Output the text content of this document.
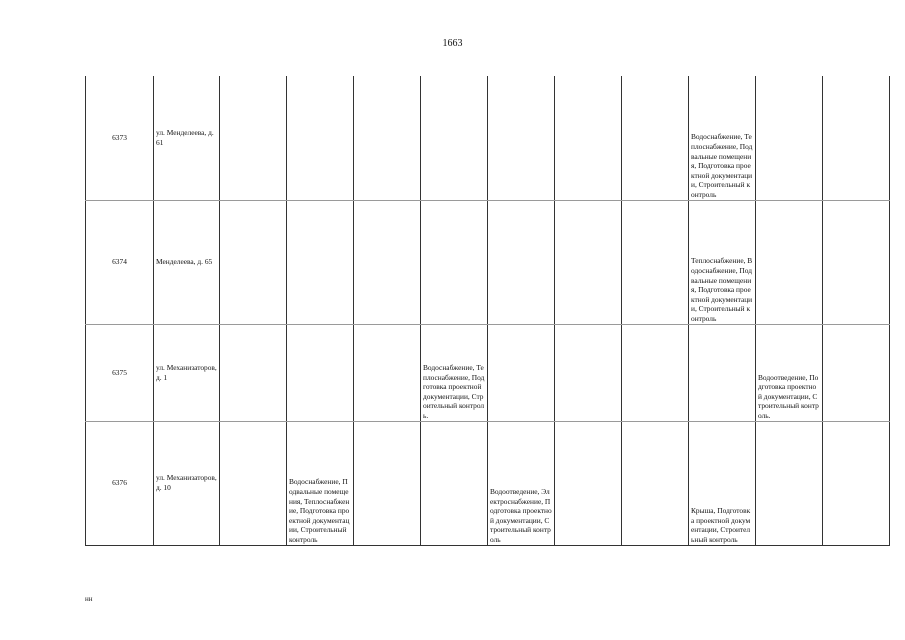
1663
6373	ул. Менделеева, д. 61								Водоснабжение, Теплоснабжение, Подвальные помещения, Подготовка проектной документации, Строительный контроль		
6374	Менделеева, д. 65								Теплоснабжение, Водоснабжение, Подвальные помещения, Подготовка проектной документации, Строительный контроль		
6375	ул. Механизаторов, д. 1				Водоснабжение, Теплоснабжение, Подготовка проектной документации, Строительный контроль.					Водоотведение, Подготовка проектной документации, Строительный контроль.	
6376	ул. Механизаторов, д. 10		Водоснабжение, Подвальные помещения, Теплоснабжение, Подготовка проектной документации, Строительный контроль			Водоотведение, Электроснабжение, Подготовка проектной документации, Строительный контроль			Крыша, Подготовка проектной документации, Строительный контроль		
нн
